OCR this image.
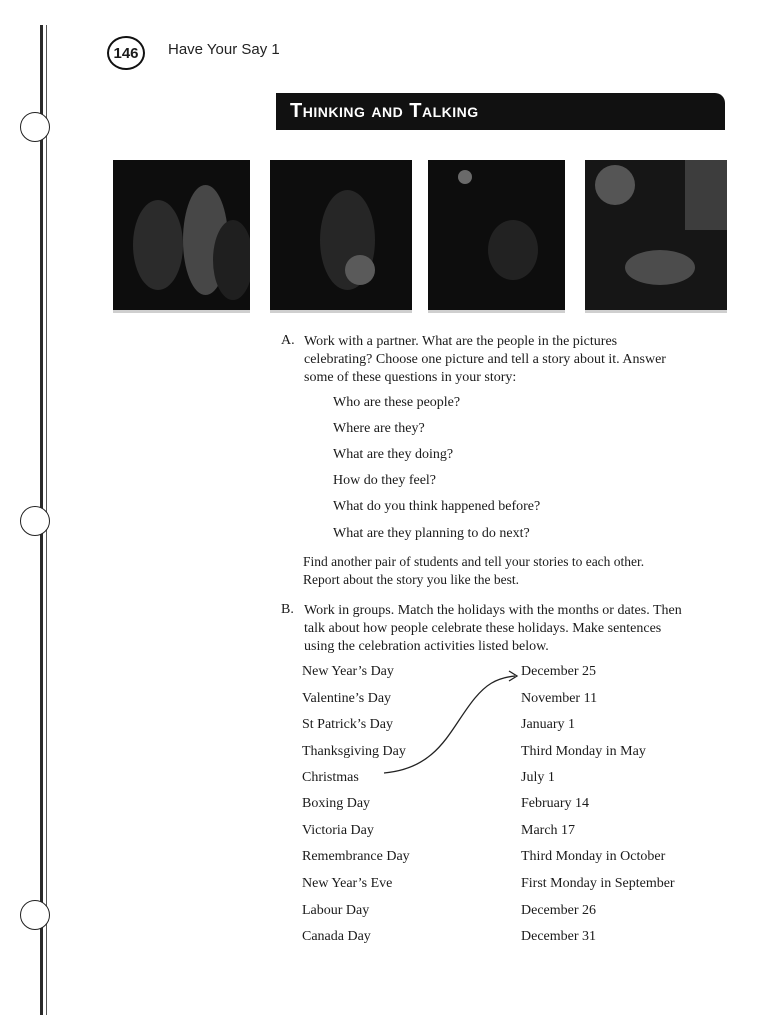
146	Have Your Say 1
Thinking and Talking
A. Work with a partner. What are the people in the pictures
celebrating? Choose one picture and tell a story about it. Answer
some of these questions in your story:
Who are these people?
Where are they?
What are they doing?
How do they feel?
What do you think happened before?
What are they planning to do next?
Find another pair of students and tell your stories to each other.
Report about the story you like the best.
B. Work in groups. Match the holidays with the months or dates. Then
talk about how people celebrate these holidays. Make sentences
using the celebration activities listed below.
New Year’s Day
Valentine’s Day
St Patrick’s Day
Thanksgiving Day
Christmas
Boxing Day
Victoria Day
Remembrance Day
New Year’s Eve
Labour Day
Canada Day
December 25
November 11
January 1
Third Monday in May
July 1
February 14
March 17
Third Monday in October
First Monday in September
December 26
December 31
